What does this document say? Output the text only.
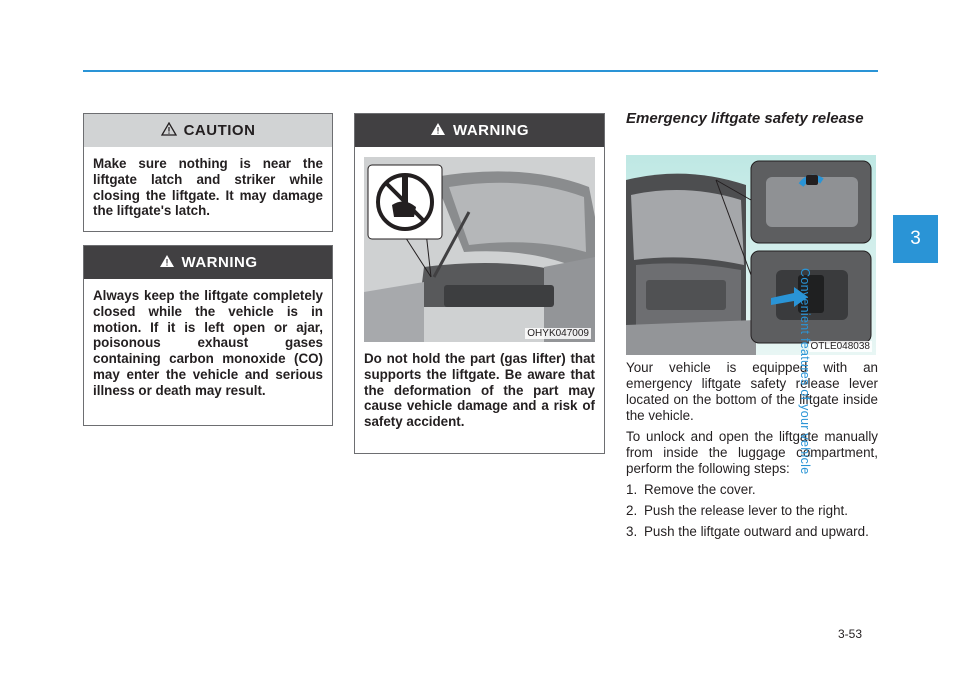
CAUTION
Make sure nothing is near the liftgate latch and striker while closing the liftgate. It may damage the liftgate's latch.
WARNING
Always keep the liftgate completely closed while the vehicle is in motion. If it is left open or ajar, poisonous exhaust gases containing carbon monoxide (CO) may enter the vehicle and serious illness or death may result.
WARNING
OHYK047009
Do not hold the part (gas lifter) that supports the liftgate. Be aware that the deformation of the part may cause vehicle damage and a risk of safety accident.
Emergency liftgate safety release
OTLE048038

Your vehicle is equipped with an emergency liftgate safety release lever located on the bottom of the liftgate inside the vehicle.

To unlock and open the liftgate manually from inside the luggage compartment, perform the following steps:

1. Remove the cover.
2. Push the release lever to the right.
3. Push the liftgate outward and upward.
3
Convenient features of your vehicle
3-53
